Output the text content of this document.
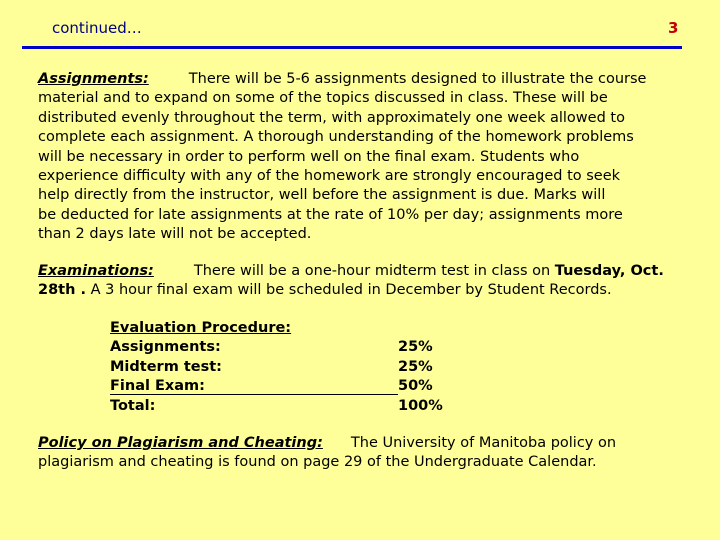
continued…	3
Assignments:	There will be 5-6 assignments designed to illustrate the course
material and to expand on some of the topics discussed in class. These will be
distributed evenly throughout the term, with approximately one week allowed to
complete each assignment. A thorough understanding of the homework problems
will be necessary in order to perform well on the final exam. Students who
experience difficulty with any of the homework are strongly encouraged to seek
help directly from the instructor, well before the assignment is due. Marks will
be deducted for late assignments at the rate of 10% per day; assignments more
than 2 days late will not be accepted.
Examinations:	There will be a one-hour midterm test in class on Tuesday, Oct.
28th . A 3 hour final exam will be scheduled in December by Student Records.
Evaluation Procedure:
Assignments:	25%
Midterm test:	25%
Final Exam:	50%
Total:	100%
Policy on Plagiarism and Cheating: The University of Manitoba policy on
plagiarism and cheating is found on page 29 of the Undergraduate Calendar.
